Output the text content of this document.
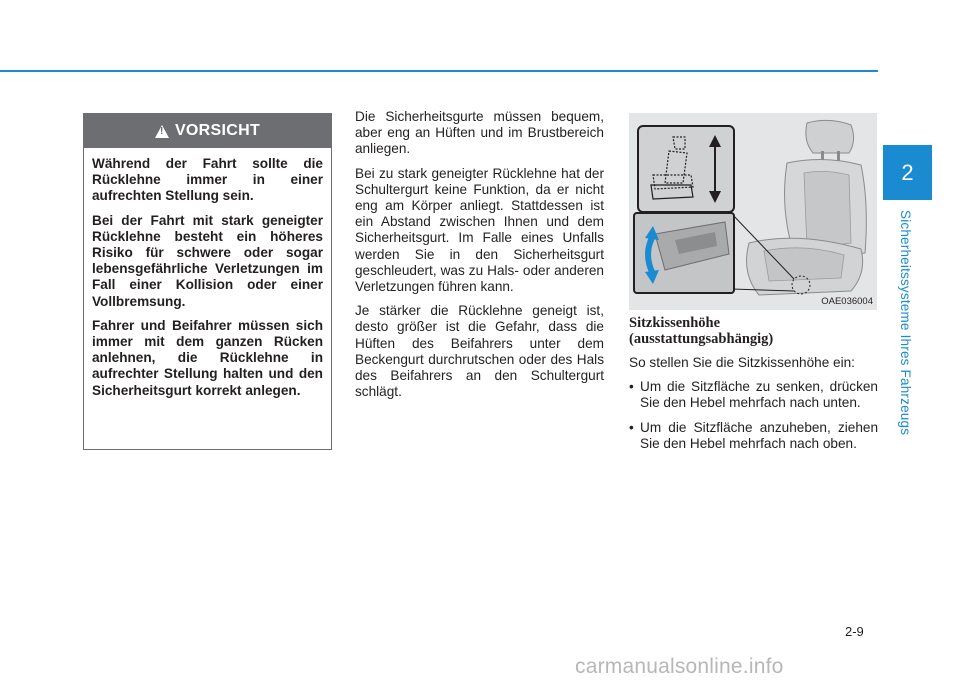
2
Sicherheitssysteme Ihres Fahrzeugs
!
VORSICHT

Während der Fahrt sollte die Rücklehne immer in einer aufrechten Stellung sein.

Bei der Fahrt mit stark geneigter Rücklehne besteht ein höheres Risiko für schwere oder sogar lebensgefährliche Verletzungen im Fall einer Kollision oder einer Vollbremsung.

Fahrer und Beifahrer müssen sich immer mit dem ganzen Rücken anlehnen, die Rücklehne in aufrechter Stellung halten und den Sicherheitsgurt korrekt anlegen.

Die Sicherheitsgurte müssen bequem, aber eng an Hüften und im Brustbereich anliegen.

Bei zu stark geneigter Rücklehne hat der Schultergurt keine Funktion, da er nicht eng am Körper anliegt. Stattdessen ist ein Abstand zwischen Ihnen und dem Sicherheitsgurt. Im Falle eines Unfalls werden Sie in den Sicherheitsgurt geschleudert, was zu Hals- oder anderen Verletzungen führen kann.

Je stärker die Rücklehne geneigt ist, desto größer ist die Gefahr, dass die Hüften des Beifahrers unter dem Beckengurt durchrutschen oder des Hals des Beifahrers an den Schultergurt schlägt.

OAE036004
Sitzkissenhöhe
(ausstattungsabhängig)

So stellen Sie die Sitzkissenhöhe ein:

• Um die Sitzfläche zu senken, drücken Sie den Hebel mehrfach nach unten.
• Um die Sitzfläche anzuheben, ziehen Sie den Hebel mehrfach nach oben.
2-9
carmanualsonline.info
